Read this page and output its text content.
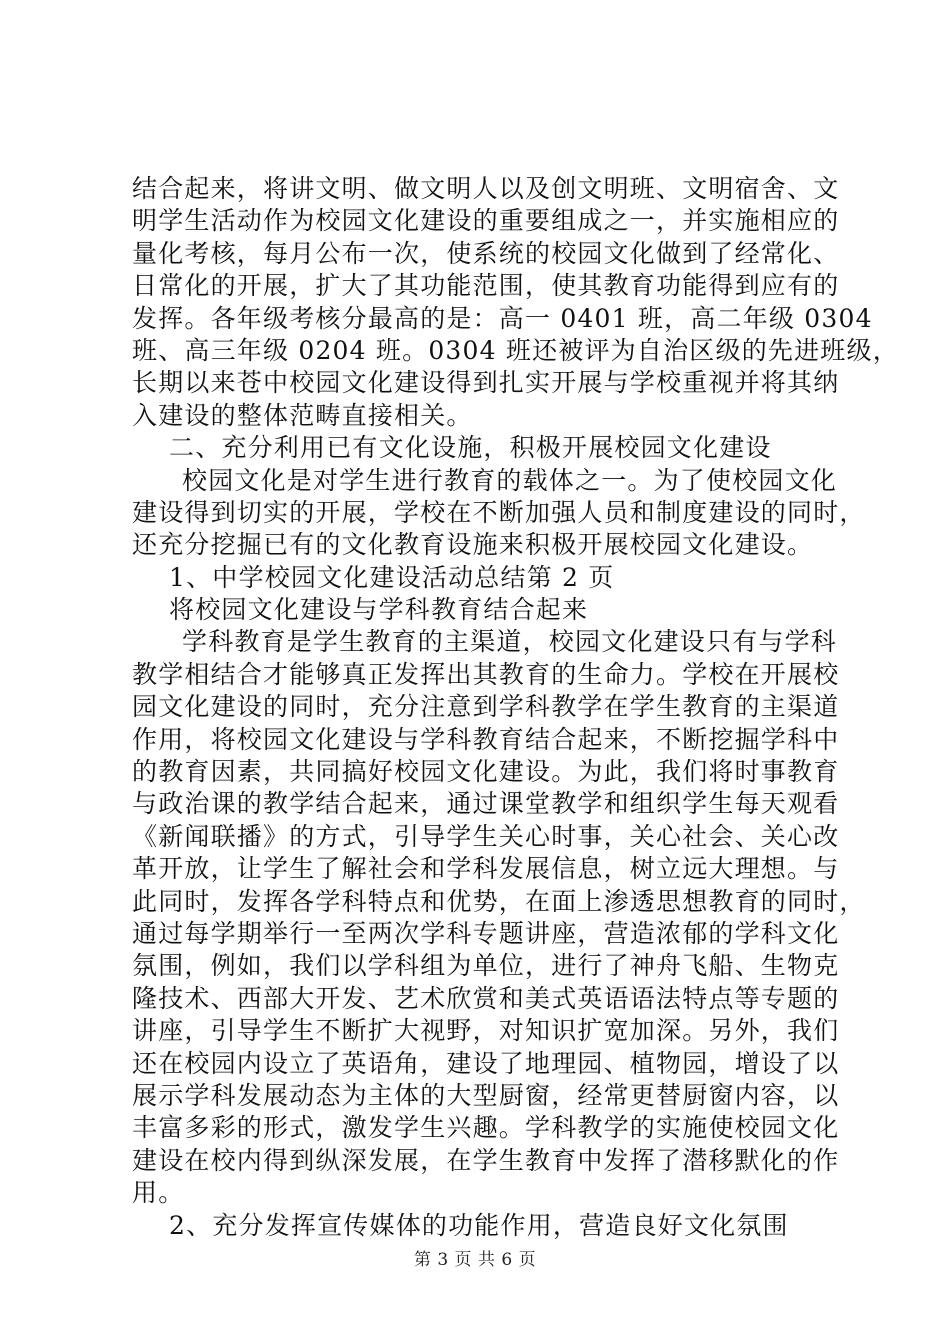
结合起来，将讲文明、做文明人以及创文明班、文明宿舍、文
明学生活动作为校园文化建设的重要组成之一，并实施相应的
量化考核，每月公布一次，使系统的校园文化做到了经常化、
日常化的开展，扩大了其功能范围，使其教育功能得到应有的
发挥。各年级考核分最高的是：高一 0401 班，高二年级 0304
班、高三年级 0204 班。0304 班还被评为自治区级的先进班级，
长期以来苍中校园文化建设得到扎实开展与学校重视并将其纳
入建设的整体范畴直接相关。
二、充分利用已有文化设施，积极开展校园文化建设
校园文化是对学生进行教育的载体之一。为了使校园文化
建设得到切实的开展，学校在不断加强人员和制度建设的同时，
还充分挖掘已有的文化教育设施来积极开展校园文化建设。
1、中学校园文化建设活动总结第 2 页
将校园文化建设与学科教育结合起来
学科教育是学生教育的主渠道，校园文化建设只有与学科
教学相结合才能够真正发挥出其教育的生命力。学校在开展校
园文化建设的同时，充分注意到学科教学在学生教育的主渠道
作用，将校园文化建设与学科教育结合起来，不断挖掘学科中
的教育因素，共同搞好校园文化建设。为此，我们将时事教育
与政治课的教学结合起来，通过课堂教学和组织学生每天观看
《新闻联播》的方式，引导学生关心时事，关心社会、关心改
革开放，让学生了解社会和学科发展信息，树立远大理想。与
此同时，发挥各学科特点和优势，在面上渗透思想教育的同时，
通过每学期举行一至两次学科专题讲座，营造浓郁的学科文化
氛围，例如，我们以学科组为单位，进行了神舟飞船、生物克
隆技术、西部大开发、艺术欣赏和美式英语语法特点等专题的
讲座，引导学生不断扩大视野，对知识扩宽加深。另外，我们
还在校园内设立了英语角，建设了地理园、植物园，增设了以
展示学科发展动态为主体的大型厨窗，经常更替厨窗内容，以
丰富多彩的形式，激发学生兴趣。学科教学的实施使校园文化
建设在校内得到纵深发展，在学生教育中发挥了潜移默化的作
用。
2、充分发挥宣传媒体的功能作用，营造良好文化氛围
第 3 页 共 6 页
